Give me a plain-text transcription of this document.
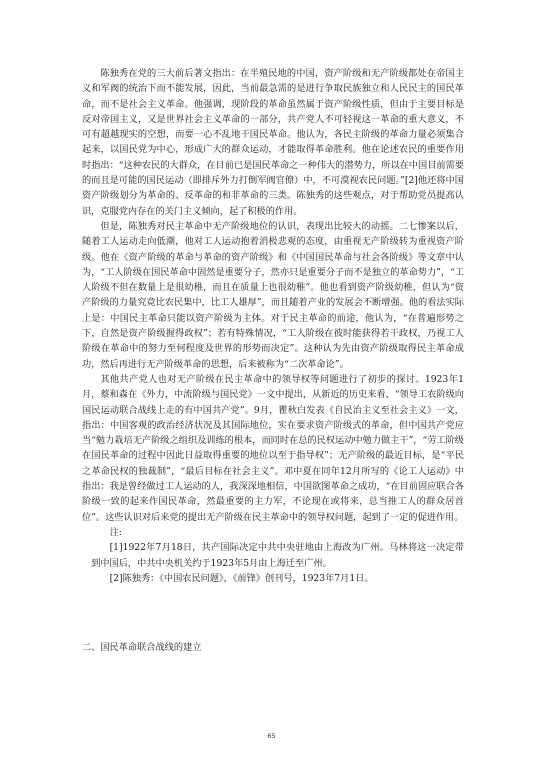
陈独秀在党的三大前后著文指出：在半殖民地的中国，资产阶级和无产阶级都处在帝国主义和军阀的统治下而不能发展，因此，当前最急需的是进行争取民族独立和人民民主的国民革命，而不是社会主义革命。他强调，现阶段的革命虽然属于资产阶级性质，但由于主要目标是反对帝国主义，又是世界社会主义革命的一部分，共产党人不可轻视这一革命的重大意义，不可有超越现实的空想，而要一心不乱地干国民革命。他认为，各民主阶级的革命力量必须集合起来，以国民党为中心，形成广大的群众运动，才能取得革命胜利。他在论述农民的重要作用时指出：“这种农民的大群众，在目前已是国民革命之一种伟大的潜势力，所以在中国目前需要的而且是可能的国民运动（即排斥外力打倒军阀官僚）中，不可漠视农民问题。”[2]他还将中国资产阶级划分为革命的、反革命的和非革命的三类。陈独秀的这些观点，对于帮助党员提高认识，克服党内存在的关门主义倾向，起了积极的作用。

但是，陈独秀对民主革命中无产阶级地位的认识，表现出比较大的动摇。二七惨案以后，随着工人运动走向低潮，他对工人运动抱着消极悲观的态度，由重视无产阶级转为重视资产阶级。他在《资产阶级的革命与革命的资产阶级》和《中国国民革命与社会各阶级》等文章中认为，“工人阶级在国民革命中固然是重要分子，然亦只是重要分子而不是独立的革命势力”，“工人阶级不但在数量上是很幼稚，而且在质量上也很幼稚”。他也看到资产阶级幼稚，但认为“资产阶级的力量究竟比农民集中，比工人雄厚”，而且随着产业的发展会不断增强。他的看法实际上是：中国民主革命只能以资产阶级为主体。对于民主革命的前途，他认为，“在普遍形势之下，自然是资产阶级握得政权”；若有特殊情况，“工人阶级在彼时能获得若干政权，乃视工人阶级在革命中的努力至何程度及世界的形势而决定”。这种认为先由资产阶级取得民主革命成功，然后再进行无产阶级革命的思想，后来被称为“二次革命论”。

其他共产党人也对无产阶级在民主革命中的领导权等问题进行了初步的探讨。1923年1月，蔡和森在《外力，中流阶级与国民党》一文中提出，从新近的历史来看，“领导工农阶级向国民运动联合战线上走的有中国共产党”。9月，瞿秋白发表《自民治主义至社会主义》一文，指出：中国客观的政治经济状况及其国际地位，实在要求资产阶级式的革命，但中国共产党应当“勉力栽培无产阶级之组织及训练的根本，而同时在总的民权运动中勉力做主干”，“劳工阶级在国民革命的过程中因此日益取得重要的地位以至于指导权”；无产阶级的最近目标，是“平民之革命民权的独裁制”，“最后目标在社会主义”。邓中夏在同年12月所写的《论工人运动》中指出：我是曾经做过工人运动的人，我深深地相信，中国欲图革命之成功，“在目前固应联合各阶级一致的起来作国民革命，然最重要的主力军，不论现在或将来，总当推工人的群众居首位”。这些认识对后来党的提出无产阶级在民主革命中的领导权问题，起到了一定的促进作用。

注:

[1]1922年7月18日，共产国际决定中共中央驻地由上海改为广州。马林将这一决定带到中国后，中共中央机关约于1923年5月由上海迁至广州。

[2]陈独秀：《中国农民问题》，《前锋》创刊号，1923年7月1日。

二、国民革命联合战线的建立
65
